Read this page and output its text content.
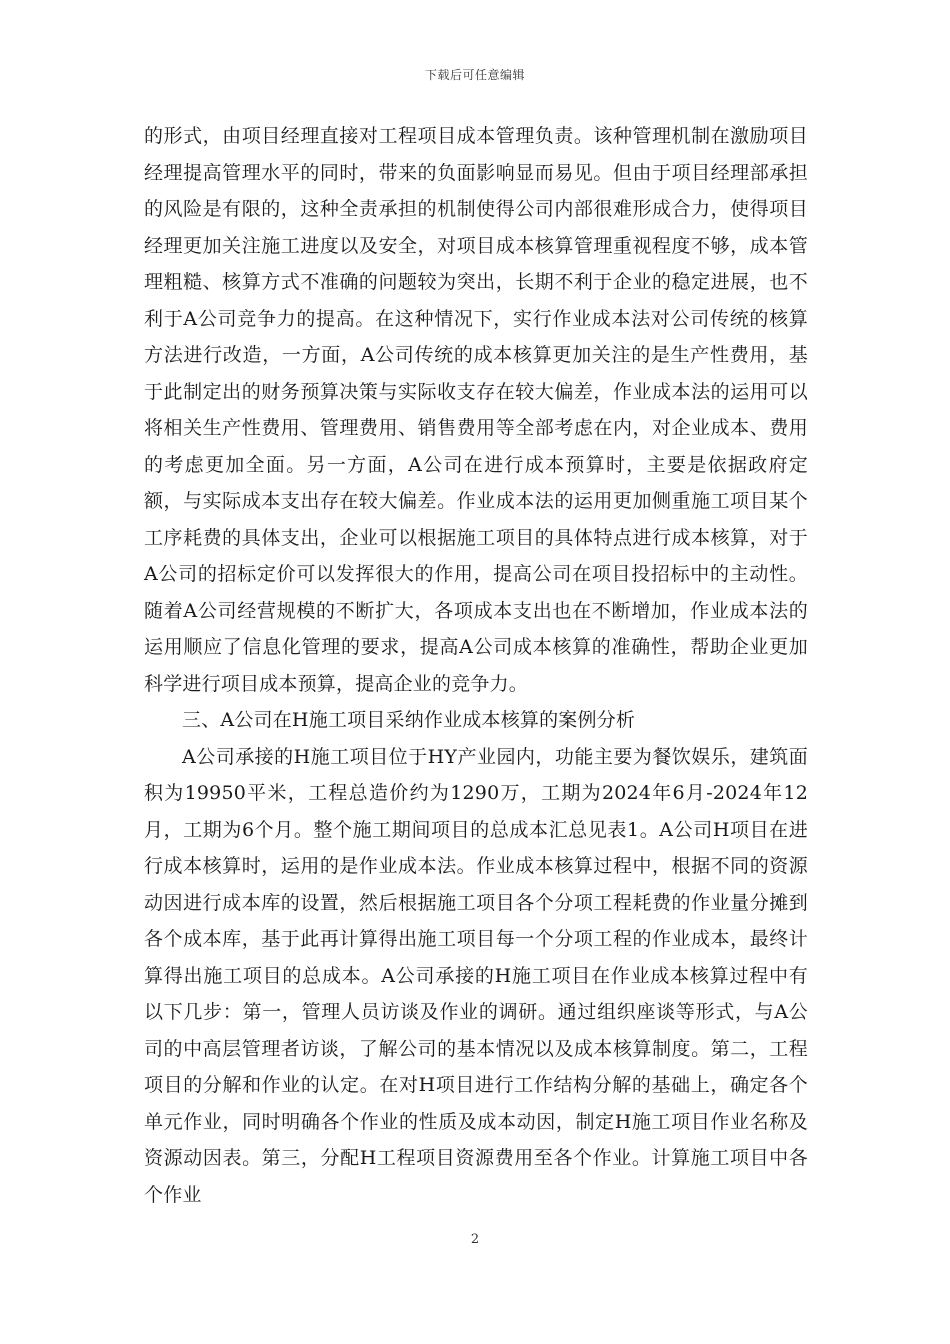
下载后可任意编辑

的形式，由项目经理直接对工程项目成本管理负责。该种管理机制在激励项目经理提高管理水平的同时，带来的负面影响显而易见。但由于项目经理部承担的风险是有限的，这种全责承担的机制使得公司内部很难形成合力，使得项目经理更加关注施工进度以及安全，对项目成本核算管理重视程度不够，成本管理粗糙、核算方式不准确的问题较为突出，长期不利于企业的稳定进展，也不利于A公司竞争力的提高。在这种情况下，实行作业成本法对公司传统的核算方法进行改造，一方面，A公司传统的成本核算更加关注的是生产性费用，基于此制定出的财务预算决策与实际收支存在较大偏差，作业成本法的运用可以将相关生产性费用、管理费用、销售费用等全部考虑在内，对企业成本、费用的考虑更加全面。另一方面，A公司在进行成本预算时，主要是依据政府定额，与实际成本支出存在较大偏差。作业成本法的运用更加侧重施工项目某个工序耗费的具体支出，企业可以根据施工项目的具体特点进行成本核算，对于A公司的招标定价可以发挥很大的作用，提高公司在项目投招标中的主动性。随着A公司经营规模的不断扩大，各项成本支出也在不断增加，作业成本法的运用顺应了信息化管理的要求，提高A公司成本核算的准确性，帮助企业更加科学进行项目成本预算，提高企业的竞争力。

三、A公司在H施工项目采纳作业成本核算的案例分析

A公司承接的H施工项目位于HY产业园内，功能主要为餐饮娱乐，建筑面积为19950平米，工程总造价约为1290万，工期为2024年6月-2024年12月，工期为6个月。整个施工期间项目的总成本汇总见表1。A公司H项目在进行成本核算时，运用的是作业成本法。作业成本核算过程中，根据不同的资源动因进行成本库的设置，然后根据施工项目各个分项工程耗费的作业量分摊到各个成本库，基于此再计算得出施工项目每一个分项工程的作业成本，最终计算得出施工项目的总成本。A公司承接的H施工项目在作业成本核算过程中有以下几步：第一，管理人员访谈及作业的调研。通过组织座谈等形式，与A公司的中高层管理者访谈，了解公司的基本情况以及成本核算制度。第二，工程项目的分解和作业的认定。在对H项目进行工作结构分解的基础上，确定各个单元作业，同时明确各个作业的性质及成本动因，制定H施工项目作业名称及资源动因表。第三，分配H工程项目资源费用至各个作业。计算施工项目中各个作业

2
